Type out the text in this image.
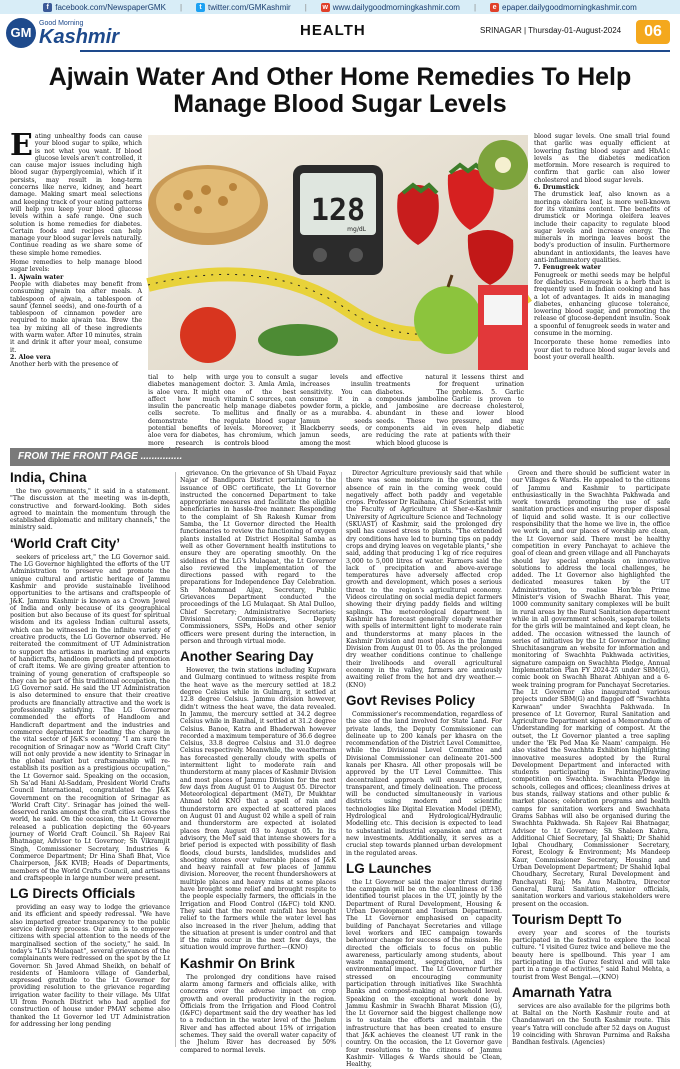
f facebook.com/NewspaperGMK |	t twitter.com/GMKashmir | w www.dailygoodmorningkashmir.com |	e epaper.dailygoodmorningkashmir.com
GM
Good Morning
Kashmir	HEALTH	SRINAGAR | Thursday-01-August-2024	06
Ajwain Water And Other Home Remedies To Help Manage Blood Sugar Levels
E ating unhealthy foods can cause your blood sugar to spike, which is not what you want. If blood glucose levels aren't controlled, it can cause major issues including high blood sugar (hyperglycemia), which if it persists, may result in long-term concerns like nerve, kidney, and heart damage. Making smart meal selections and keeping track of your eating patterns will help you keep your blood glucose levels within a safe range. One such solution is home remedies for diabetes. Certain foods and recipes can help manage your blood sugar levels naturally. Continue reading as we share some of these simple home remedies.
Home remedies to help manage blood sugar levels:
1. Ajwain water
People with diabetes may benefit from consuming ajwain tea after meals. A tablespoon of ajwain, a tablespoon of saunf (fennel seeds), and one-fourth of a tablespoon of cinnamon powder are required to make ajwain tea. Brew the tea by mixing all of these ingredients with warm water. After 10 minutes, strain it and drink it after your meal, consume it.
2. Aloe vera
Another herb with the presence of
128
mg/dL
tial to help with diabetes management is aloe vera. It might affect how much insulin the pancreatic cells secrete. To demonstrate the potential benefits of aloe vera for diabetes, more research is
urge you to consult a doctor. 3. Amla Amla, one of the best vitamin C sources, can help manage diabetes mellitus and finally regulate blood sugar levels. Moreover, it has chromium, which controls blood
sugar levels and increases insulin sensitivity. You can consume it in a powder form, a pickle, or as a murabba. 4. Jamun seeds Blackberry seeds, or jamun seeds, are among the most
effective natural treatments for diabetes. The compounds jamboline and jambosine are abundant in these seeds. These two components aid in reducing the rate at which blood glucose is
it lessens thirst and frequent urination problems. 5. Garlic Garlic is proven to decrease cholesterol, and lower blood pressure, and may even help diabetic patients with their
blood sugar levels. One small trial found that garlic was equally efficient at lowering fasting blood sugar and HbA1c levels as the diabetes medication metformin. More research is required to confirm that garlic can also lower cholesterol and blood sugar levels.
6. Drumstick
The drumstick leaf, also known as a moringa oleifera leaf, is more well-known for its vitamins content. The benefits of drumstick or Moringa oleifera leaves include their capacity to regulate blood sugar levels and increase energy. The minerals in moringa leaves boost the body's production of insulin. Furthermore abundant in antioxidants, the leaves have anti-inflammatory qualities.
7. Fenugreek water
Fenugreek or methi seeds may be helpful for diabetics. Fenugreek is a herb that is frequently used in Indian cooking and has a lot of advantages. It aids in managing diabetes, enhancing glucose tolerance, lowering blood sugar, and promoting the release of glucose-dependent insulin. Soak a spoonful of fenugreek seeds in water and consume in the morning.
Incorporate these home remedies into your diet to reduce blood sugar levels and boost your overall health.
FROM THE FRONT PAGE ...............
India, China

the two governments," it said in a statement. "The discussion at the meeting was in-depth, constructive and forward-looking. Both sides agreed to maintain the momentum through the established diplomatic and military channels," the ministry said.

‘World Craft City’

seekers of priceless art," the LG Governor said. The LG Governor highlighted the efforts of the UT Administration to preserve and promote the unique cultural and artistic heritage of Jammu Kashmir and provide sustainable livelihood opportunities to the artisans and craftspeople of J&K. Jammu Kashmir is known as a Crown Jewel of India and only because of its geographical position but also because of its quest for spiritual wisdom and its ageless Indian cultural assets, which can be witnessed in the infinite variety of creative products, the LG Governor observed. He reiterated the commitment of UT Administration to support the artisans in marketing and exports of handicrafts, handloom products and promotion of craft items. We are giving greater attention to training of young generation of craftspeople so they can be part of this traditional occupation, the LG Governor said. He said the UT Administration is also determined to ensure that their creative products are financially attractive and the work is professionally satisfying. The LG Governor commended the efforts of Handloom and Handicraft department and the industries and commerce department for leading the charge in the vital sector of J&K's economy. "I am sure the recognition of Srinagar now as "World Craft City" will not only provide a new identity to Srinagar in the global market but craftsmanship will re-establish its position as a prestigious occupation," the Lt Governor said. Speaking on the occasion, Sh Sa'ad Hani Al-Saddam, President World Crafts Council International, congratulated the J&K Government on the recognition of Srinagar as 'World Craft City'. Srinagar has joined the well-deserved ranks amongst the craft cities across the world, he said. On the occasion, the Lt Governor released a publication depicting the 60-years journey of World Craft Council. Sh Rajeev Rai Bhatnagar, Advisor to Lt Governor; Sh Vikramjit Singh, Commissioner Secretary, Industries & Commerce Department; Dr Hina Shafi Bhat, Vice Chairperson, J&K KVIB; Heads of Departments, members of the World Crafts Council, and artisans and craftspeople in large number were present.

LG Directs Officials

providing an easy way to lodge the grievance and its efficient and speedy redressal. "We have also imparted greater transparency to the public service delivery process. Our aim is to empower citizens with special attention to the needs of the marginalised section of the society," he said. In today's "LG's Mulaqaat", several grievances of the complainants were redressed on the spot by the Lt Governor. Sh Javed Ahmad Sheikh, on behalf of residents of Hamloora village of Ganderbal, expressed gratitude to the Lt Governor for providing resolution to the grievance regarding irrigation water facility to their village. Ms Ulfat Ul from Poonch District who had applied for construction of house under PMAY scheme also thanked the Lt Governor led UT Administration for addressing her long pending

grievance. On the grievance of Sh Ubaid Fayaz Najar of Bandipora District pertaining to the issuance of OBC certificate, the Lt Governor instructed the concerned Department to take appropriate measures and facilitate the eligible beneficiaries in hassle-free manner. Responding to the complaint of Sh Rakesh Kumar from Samba, the Lt Governor directed the Health functionaries to review the functioning of oxygen plants installed at District Hospital Samba as well as other Government health institutions to ensure they are operating smoothly. On the sidelines of the LG's Mulaqaat, the Lt Governor also reviewed the implementation of the directions passed with regard to the preparations for Independence Day Celebration. Sh Mohammad Aijaz, Secretary, Public Grievances Department conducted the proceedings of the LG Mulaqaat. Sh Atal Dulloo, Chief Secretary; Administrative Secretaries; Divisional Commissioners, Deputy Commissioners, SSPs, HoDs and other senior officers were present during the interaction, in person and through virtual mode.

Another Searing Day

However, the twin stations including Kupwara and Gulmarg continued to witness respite from the heat wave as the mercury settled at 18.2 degree Celsius while in Gulmarg, it settled at 12.8 degree Celsius. Jammu division however, didn't witness the heat wave, the data revealed. In Jammu, the mercury settled at 34.2 degree Celsius while in Banihal, it settled at 31.2 degree Celsius. Banoe, Katra and Bhaderwah however recorded a maximum temperature of 36.6 degree Celsius, 33.8 degree Celsius and 31.0 degree Celsius respectively. Meanwhile, the weatherman has forecasted generally cloudy with spells of intermittent light to moderate rain and thunderstorm at many places of Kashmir Division and most places of Jammu Division for the next few days from August 01 to August 05. Director Meteorological department (MeT), Dr Mukhtar Ahmad told KNO that a spell of rain and thunderstorm are expected at scattered places on August 01 and August 02 while a spell of rain and thunderstorm are expected at isolated places from August 03 to August 05. In its advisory, the MeT said that intense showers for a brief period is expected with possibility of flash floods, cloud bursts, landslides, mudslides and shooting stones over vulnerable places of J&K and heavy rainfall at few places of Jammu division. Moreover, the recent thundershowers at multiple places and heavy rains at some places have brought some relief and brought respite to the people especially farmers, the officials in the Irrigation and Flood Control (I&FC) told KNO. They said that the recent rainfall has brought relief to the farmers while the water level has also increased in the river Jhelum, adding that the situation at present is under control and that if the rains occur in the next few days, the situation would improve further.—(KNO)

Kashmir On Brink

The prolonged dry conditions have raised alarm among farmers and officials alike, with concerns over the adverse impact on crop growth and overall productivity in the region. Officials from the Irrigation and Flood Control (I&FC) department said the dry weather has led to a reduction in the water level of the Jhelum River and has affected about 15% of irrigation schemes. They said the overall water capacity of the Jhelum River has decreased by 50% compared to normal levels.

Director Agriculture previously said that while there was some moisture in the ground, the absence of rain in the coming week could negatively affect both paddy and vegetable crops. Professor Dr Raihana, Chief Scientist with the Faculty of Agriculture at Sher-e-Kashmir University of Agriculture Science and Technology (SKUAST) of Kashmir, said the prolonged dry spell has caused stress to plants. "The extended dry conditions have led to burning tips on paddy crops and drying leaves on vegetable plants," she said, adding that producing 1 kg of rice requires 3,000 to 5,000 litres of water. Farmers said the lack of precipitation and above-average temperatures have adversely affected crop growth and development, which poses a serious threat to the region's agricultural economy. Videos circulating on social media depict farmers showing their drying paddy fields and wilting saplings. The meteorological department in Kashmir has forecast generally cloudy weather with spells of intermittent light to moderate rain and thunderstorms at many places in the Kashmir Division and most places in the Jammu Division from August 01 to 05. As the prolonged dry weather conditions continue to challenge their livelihoods and overall agricultural economy in the valley, farmers are anxiously awaiting relief from the hot and dry weather.—(KNO)

Govt Revises Policy

Commissioner's recommendation, regardless of the size of the land involved for State Land. For private lands, the Deputy Commissioner can delineate up to 200 kanals per khasra on the recommendation of the District Level Committee, while the Divisional Level Committee and Divisional Commissioner can delineate 201-500 kanals per Khasra. All other proposals will be approved by the UT Level Committee. This decentralized approach will ensure efficient, transparent, and timely delineation. The process will be conducted simultaneously in various districts using modern and scientific technologies like Digital Elevation Model (DEM), Hydrological and Hydrological/Hydraulic Modelling etc. This decision is expected to lead to substantial industrial expansion and attract new investments. Additionally, it serves as a crucial step towards planned urban development in the regulated areas.

LG Launches

the Lt Governor said the major thrust during the campaign will be on the cleanliness of 136 identified tourist places in the UT, jointly by the Department of Rural Development, Housing & Urban Development and Tourism Department. The Lt Governor emphasised on capacity building of Panchayat Secretaries and village level workers and IEC campaign towards behaviour change for success of the mission. He directed the officials to focus on public awareness, particularly among students, about waste management, segregation, and its environmental impact. The Lt Governor further stressed on encouraging community participation through initiatives like Swachhta Banks and compost-making at household level. Speaking on the exceptional work done by Jammu Kashmir in Swachh Bharat Mission (G), the Lt Governor said the biggest challenge now is to sustain the efforts and maintain the infrastructure that has been created to ensure that J&K achieves the cleanest UT rank in the country. On the occasion, the Lt Governor gave four resolutions to the citizens of Jammu Kashmir- Villages & Wards should be Clean, Healthy,

Green and there should be sufficient water in our Villages & Wards. He appealed to the citizens of Jammu and Kashmir to participate enthusiastically in the Swachhta Pakhwada and work towards promoting the use of safe sanitation practices and ensuring proper disposal of liquid and solid waste. It is our collective responsibility that the home we live in, the office we work in, and our places of worship are clean, the Lt Governor said. There must be healthy competition in every Panchayat to achieve the goal of clean and green village and all Panchayats should lay special emphasis on innovative solutions to address the local challenges, he added. The Lt Governor also highlighted the dedicated measures taken by the UT Administration, to realise Hon'ble Prime Minister's vision of Swachh Bharat. This year, 1000 community sanitary complexes will be built in rural areas by the Rural Sanitation department while in all government schools, separate toilets for the girls will be maintained and kept clean, he added. The occasion witnessed the launch of series of initiatives by the Lt Governor including Shuchitasangram an website for information and monitoring of Swachhta Pakhwada activities, signature campaign on Swachhta Pledge, Annual Implementation Plan FY 2024-25 under SBM(G), comic book on Swachh Bharat Abhiyan and a 6-week training program for Panchayat Secretaries. The Lt Governor also inaugurated various projects under SBM(G) and flagged off "Swachhta Karwaan" under Swachhta Pakhwada. In presence of Lt Governor, Rural Sanitation and Agriculture Department signed a Memorandum of Understanding for marking of compost. At the outset, the Lt Governor planted a tree sapling under the 'Ek Ped Maa Ke Naam' campaign. He also visited the Swachhta Exhibition highlighting innovative measures adopted by the Rural Development Department and interacted with students participating in Painting/Drawing competition on Swachhta. Swachhta Pledge in schools, colleges and offices; cleanliness drives at bus stands, railway stations and other public & market places; celebration programs and health camps for sanitation workers and Swachhata Grams Sabhas will also be organised during the Swachhta Pakhwada. Sh Rajeev Rai Bhatnagar, Advisor to Lt Governor; Sh Shaleen Kabra, Additional Chief Secretary, Jal Shakti; Dr Shahid Iqbal Choudhary, Commissioner Secretary, Forest, Ecology & Environment; Ms Mandeep Kaur, Commissioner Secretary, Housing and Urban Development Department; Dr Shahid Iqbal Choudhary, Secretary, Rural Development and Panchayati Raj; Ms Anu Malhotra, Director General, Rural Sanitation, senior officials, sanitation workers and various stakeholders were present on the occasion.

Tourism Deptt To

every year and scores of the tourists participated in the festival to explore the local culture. "I visited Gurez twice and believe me the beauty here is spellbound. This year I am participating in the Gurez festival and will take part in a range of activities," said Rahul Mehta, a tourist from West Bengal.—(KNO)

Amarnath Yatra

services are also available for the pilgrims both at Baltal on the North Kashmir route and at Chandanwari on the South Kashmir route. This year's Yatra will conclude after 52 days on August 19 coinciding with Shravan Purnima and Raksha Bandhan festivals. (Agencies)
